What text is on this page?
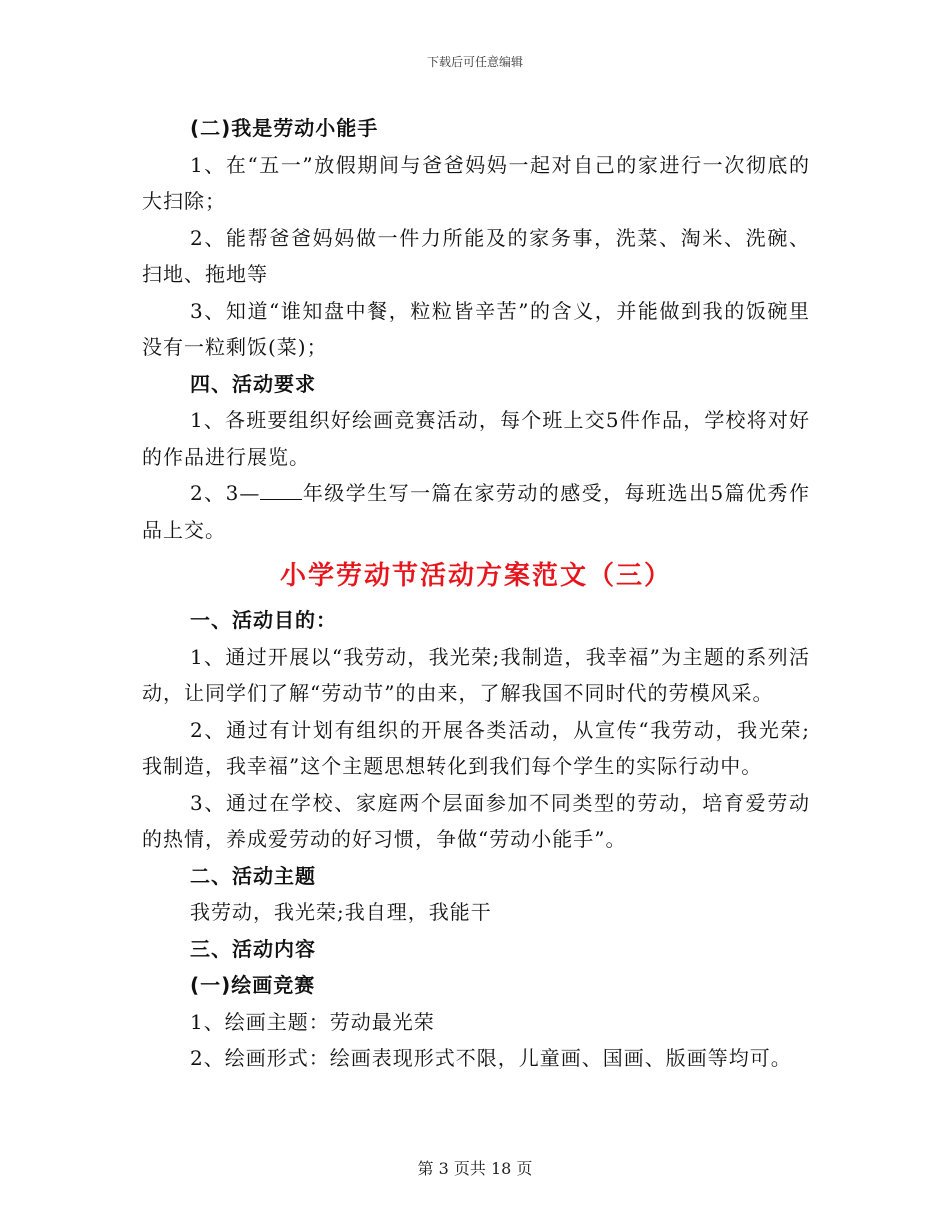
下载后可任意编辑
(二)我是劳动小能手

1、在“五一”放假期间与爸爸妈妈一起对自己的家进行一次彻底的大扫除；

2、能帮爸爸妈妈做一件力所能及的家务事，洗菜、淘米、洗碗、扫地、拖地等

3、知道“谁知盘中餐，粒粒皆辛苦”的含义，并能做到我的饭碗里没有一粒剩饭(菜)；

四、活动要求

1、各班要组织好绘画竞赛活动，每个班上交5件作品，学校将对好的作品进行展览。

2、3— 年级学生写一篇在家劳动的感受，每班选出5篇优秀作品上交。

小学劳动节活动方案范文（三）
一、活动目的：

1、通过开展以“我劳动，我光荣;我制造，我幸福”为主题的系列活动，让同学们了解“劳动节”的由来，了解我国不同时代的劳模风采。

2、通过有计划有组织的开展各类活动，从宣传“我劳动，我光荣;我制造，我幸福”这个主题思想转化到我们每个学生的实际行动中。

3、通过在学校、家庭两个层面参加不同类型的劳动，培育爱劳动的热情，养成爱劳动的好习惯，争做“劳动小能手”。

二、活动主题

我劳动，我光荣;我自理，我能干

三、活动内容
(一)绘画竞赛

1、绘画主题：劳动最光荣

2、绘画形式：绘画表现形式不限，儿童画、国画、版画等均可。

第 3 页共 18 页
